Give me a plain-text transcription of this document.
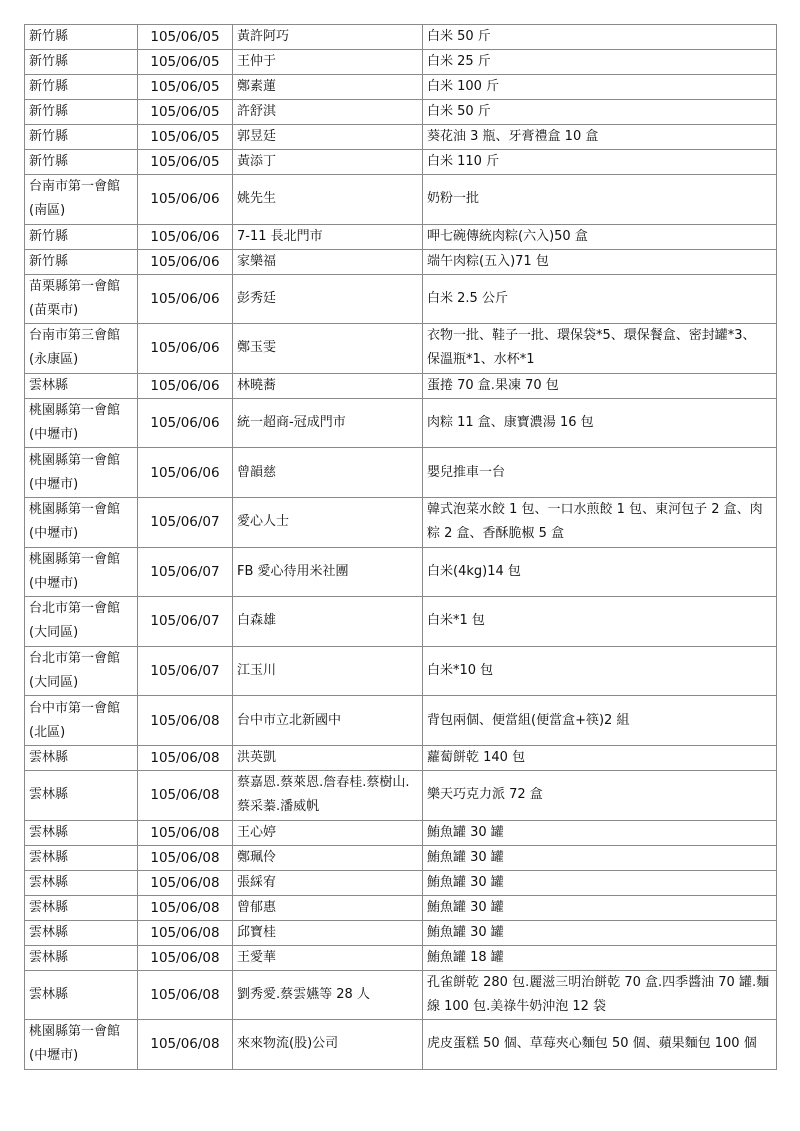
新竹縣	105/06/05	黃許阿巧	白米 50 斤

新竹縣	105/06/05	王仲于	白米 25 斤

新竹縣	105/06/05	鄭素蓮	白米 100 斤

新竹縣	105/06/05	許舒淇	白米 50 斤

新竹縣	105/06/05	郭昱廷	葵花油 3 瓶、牙膏禮盒 10 盒

新竹縣	105/06/05	黃添丁	白米 110 斤

台南市第一會館
(南區)	105/06/06	姚先生	奶粉一批

新竹縣	105/06/06	7-11 長北門市	呷七碗傳統肉粽(六入)50 盒

新竹縣	105/06/06	家樂福	端午肉粽(五入)71 包

苗栗縣第一會館
(苗栗市)	105/06/06	彭秀廷	白米 2.5 公斤

台南市第三會館
(永康區)	105/06/06	鄭玉雯	衣物一批、鞋子一批、環保袋*5、環保餐盒、密封罐*3、
保溫瓶*1、水杯*1

雲林縣	105/06/06	林曉蕎	蛋捲 70 盒.果凍 70 包

桃園縣第一會館
(中壢市)	105/06/06	統一超商-冠成門市	肉粽 11 盒、康寶濃湯 16 包

桃園縣第一會館
(中壢市)	105/06/06	曾韻慈	嬰兒推車一台

桃園縣第一會館
(中壢市)	105/06/07	愛心人士	韓式泡菜水餃 1 包、一口水煎餃 1 包、東河包子 2 盒、肉
粽 2 盒、香酥脆椒 5 盒

桃園縣第一會館
(中壢市)	105/06/07	FB 愛心待用米社團	白米(4kg)14 包

台北市第一會館
(大同區)	105/06/07	白森雄	白米*1 包

台北市第一會館
(大同區)	105/06/07	江玉川	白米*10 包

台中市第一會館
(北區)	105/06/08	台中市立北新國中	背包兩個、便當組(便當盒+筷)2 組

雲林縣	105/06/08	洪英凱	蘿蔔餅乾 140 包

雲林縣	105/06/08	蔡嘉恩.蔡萊恩.詹春桂.蔡樹山.
蔡采蓁.潘威帆	樂天巧克力派 72 盒

雲林縣	105/06/08	王心婷	鮪魚罐 30 罐

雲林縣	105/06/08	鄭珮伶	鮪魚罐 30 罐

雲林縣	105/06/08	張綵宥	鮪魚罐 30 罐

雲林縣	105/06/08	曾郁惠	鮪魚罐 30 罐

雲林縣	105/06/08	邱寶桂	鮪魚罐 30 罐

雲林縣	105/06/08	王愛華	鮪魚罐 18 罐

雲林縣	105/06/08	劉秀愛.蔡雲嬿等 28 人	孔雀餅乾 280 包.麗滋三明治餅乾 70 盒.四季醬油 70 罐.麵
線 100 包.美祿牛奶沖泡 12 袋

桃園縣第一會館
(中壢市)	105/06/08	來來物流(股)公司	虎皮蛋糕 50 個、草莓夾心麵包 50 個、蘋果麵包 100 個
